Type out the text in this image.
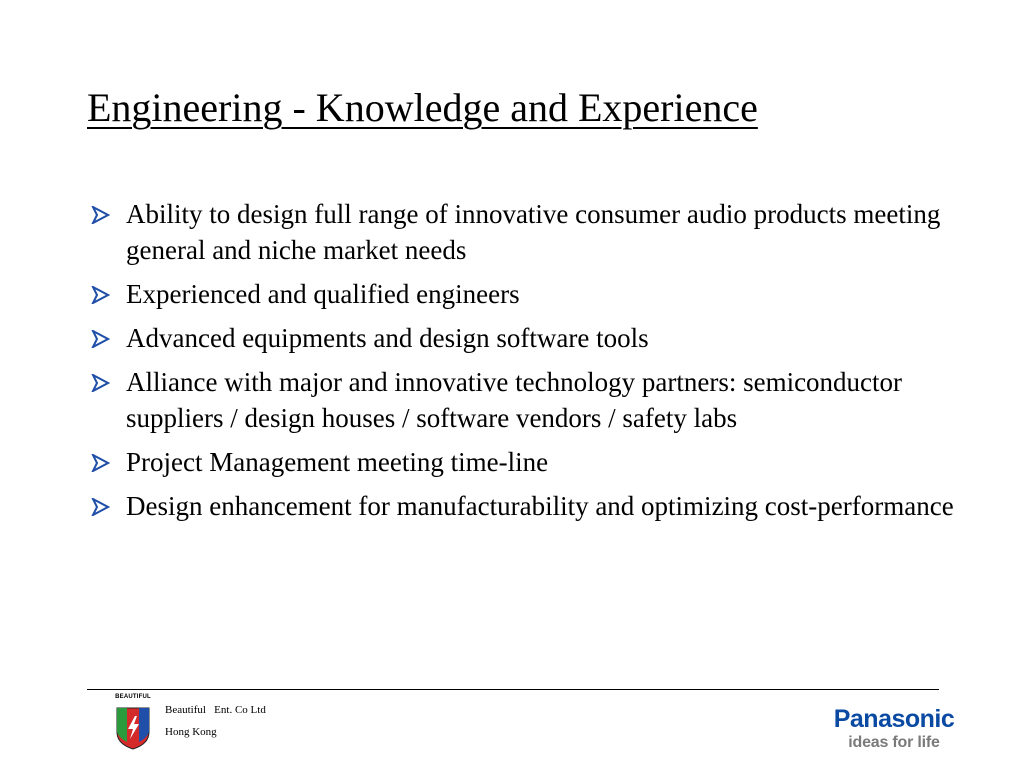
Engineering - Knowledge and Experience
Ability to design full range of innovative consumer audio products meeting general and niche market needs
Experienced and qualified engineers
Advanced equipments and design software tools
Alliance with major and innovative technology partners: semiconductor suppliers / design houses / software vendors / safety labs
Project Management meeting time-line
Design enhancement for manufacturability and optimizing cost-performance
BEAUTIFUL
Beautiful   Ent. Co Ltd
Hong Kong	Panasonic
ideas for life
